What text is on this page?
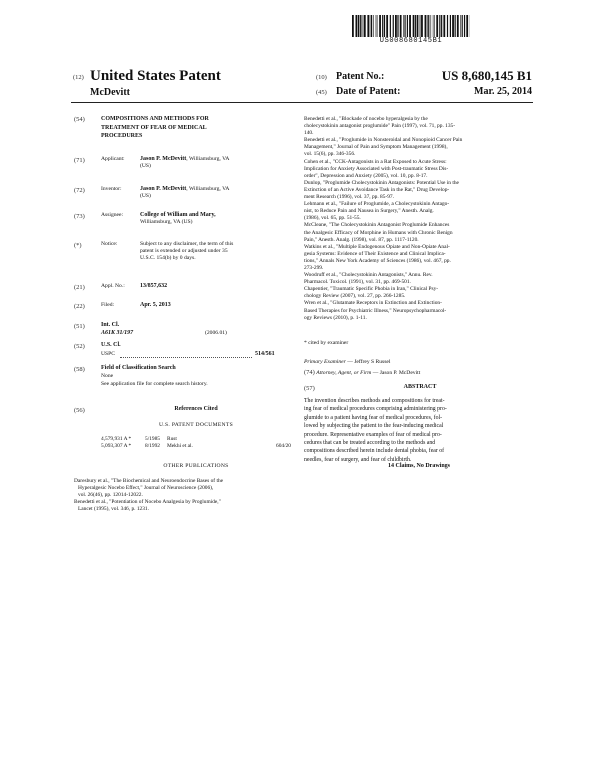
US008680145B1
(12) United States Patent
McDevitt
(10) Patent No.:	US 8,680,145 B1
(45) Date of Patent:	Mar. 25, 2014
(54)	COMPOSITIONS AND METHODS FOR
TREATMENT OF FEAR OF MEDICAL
PROCEDURES
(71)	Applicant:	Jason P. McDevitt, Williamsburg, VA
(US)
(72)	Inventor:	Jason P. McDevitt, Williamsburg, VA
(US)
(73)	Assignee:	College of William and Mary,
Williamsburg, VA (US)
(*)	Notice:	Subject to any disclaimer, the term of this
patent is extended or adjusted under 35
U.S.C. 154(b) by 0 days.
(21)	Appl. No.:	13/857,632
(22)	Filed:	Apr. 5, 2013
(51)	Int. Cl.
A61K 31/197	(2006.01)
(52)	U.S. Cl.
USPC	514/561
(58)	Field of Classification Search
None
See application file for complete search history.
(56)	References Cited
U.S. PATENT DOCUMENTS
4,579,931 A *	5/1985	Rust
5,093,307 A *	8/1992	Mekhi et al.	604/20
OTHER PUBLICATIONS
Daresbury et al., "The Biochemical and Neuroendocrine Bases of the
Hyperalgesic Nocebo Effect," Journal of Neuroscience (2006),
vol. 26(46), pp. 12014-12022.
Benedetti et al., "Potentiation of Nocebo Analgesia by Proglumide,"
Lancet (1995), vol. 346, p. 1231.
Benedetti et al., "Blockade of nocebo hyperalgesia by the
cholecystokinin antagonist proglumide" Pain (1997), vol. 71, pp. 135-
140.
Benedetti et al., "Proglumide in Nonsteroidal and Nonopioid Cancer Pain
Management," Journal of Pain and Symptom Management (1998),
vol. 15(6), pp. 346-356.
Cohen et al., "CCK-Antagonists in a Rat Exposed to Acute Stress:
Implication for Anxiety Associated with Post-traumatic Stress Dis-
order", Depression and Anxiety (2005), vol. 10, pp. 8-17.
Dunlop, "Proglumide Cholecystokinin Antagonists: Potential Use in the
Extinction of an Active Avoidance Task in the Rat," Drug Develop-
ment Research (1996), vol. 37, pp. 85-97.
Lehmann et al., "Failure of Proglumide, a Cholecystokinin Antago-
nist, to Reduce Pain and Nausea in Surgery," Anesth. Analg.
(1986), vol. 65, pp. 51-55.
McCleane, "The Cholecystokinin Antagonist Proglumide Enhances
the Analgesic Efficacy of Morphine in Humans with Chronic Benign
Pain," Anesth. Analg. (1998), vol. 87, pp. 1117-1120.
Watkins et al., "Multiple Endogenous Opiate and Non-Opiate Anal-
gesia Systems: Evidence of Their Existence and Clinical Implica-
tions," Annals New York Academy of Sciences (1986), vol. 467, pp.
273-299.
Woodruff et al., "Cholecystokinin Antagonists," Annu. Rev.
Pharmacol. Toxicol. (1991), vol. 31, pp. 469-501.
Chapentier, "Traumatic Specific Phobia in Iran," Clinical Psy-
chology Review (2007), vol. 27, pp. 266-1285.
Wren et al., "Glutamate Receptors in Extinction and Extinction-
Based Therapies for Psychiatric Illness," Neuropsychopharmacol-
ogy Reviews (2010), p. 1-11.
* cited by examiner
Primary Examiner — Jeffrey S Russel
(74) Attorney, Agent, or Firm — Jason P. McDevitt
(57)	ABSTRACT
The invention describes methods and compositions for treat-
ing fear of medical procedures comprising administering pro-
glumide to a patient having fear of medical procedures, fol-
lowed by subjecting the patient to the fear-inducing medical
procedure. Representative examples of fear of medical pro-
cedures that can be treated according to the methods and
compositions described herein include dental phobia, fear of
needles, fear of surgery, and fear of childbirth.
14 Claims, No Drawings
